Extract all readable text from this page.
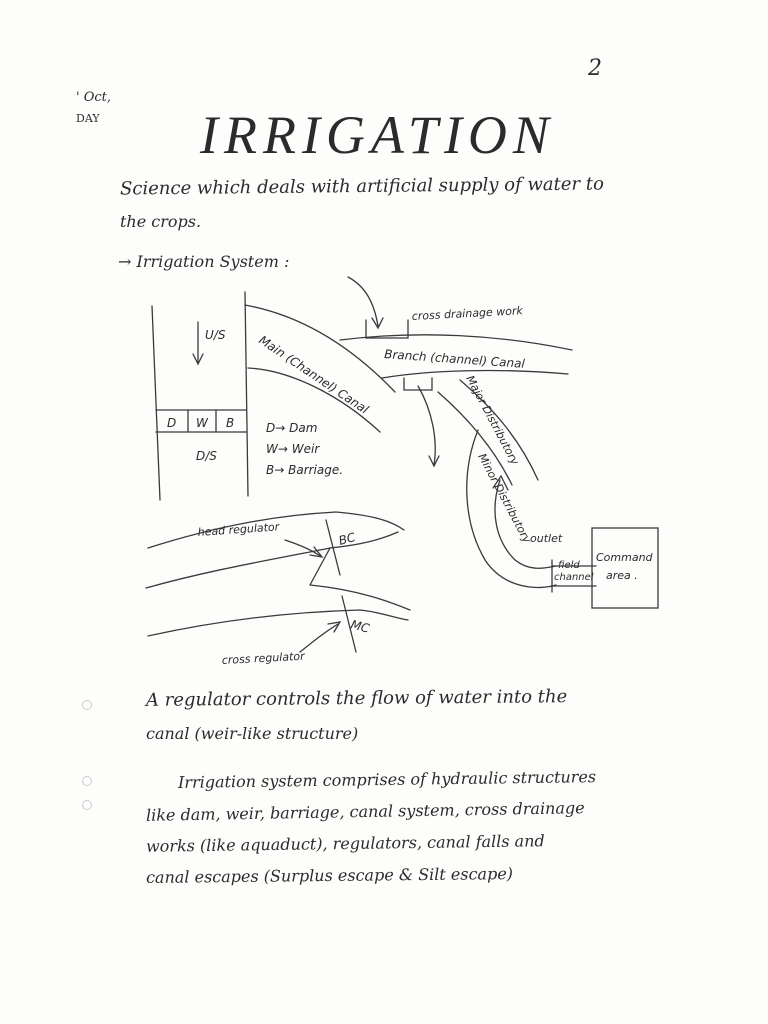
2
' Oct,
DAY IRRIGATION
Science which deals with artificial supply of water to
the crops.
→ Irrigation System :
U/S
D W B
D/S
D→ Dam
W→ Weir
B→ Barriage.
Main (Channel) Canal Branch (channel) Canal
cross drainage work
Major Distributory
Minor Distributory
outlet
field
channel
Command
area .
head regulator
cross regulator
BC
MC
A regulator controls the flow of water into the
canal (weir-like structure)
Irrigation system comprises of hydraulic structures
like dam, weir, barriage, canal system, cross drainage
works (like aquaduct), regulators, canal falls and
canal escapes (Surplus escape & Silt escape)
